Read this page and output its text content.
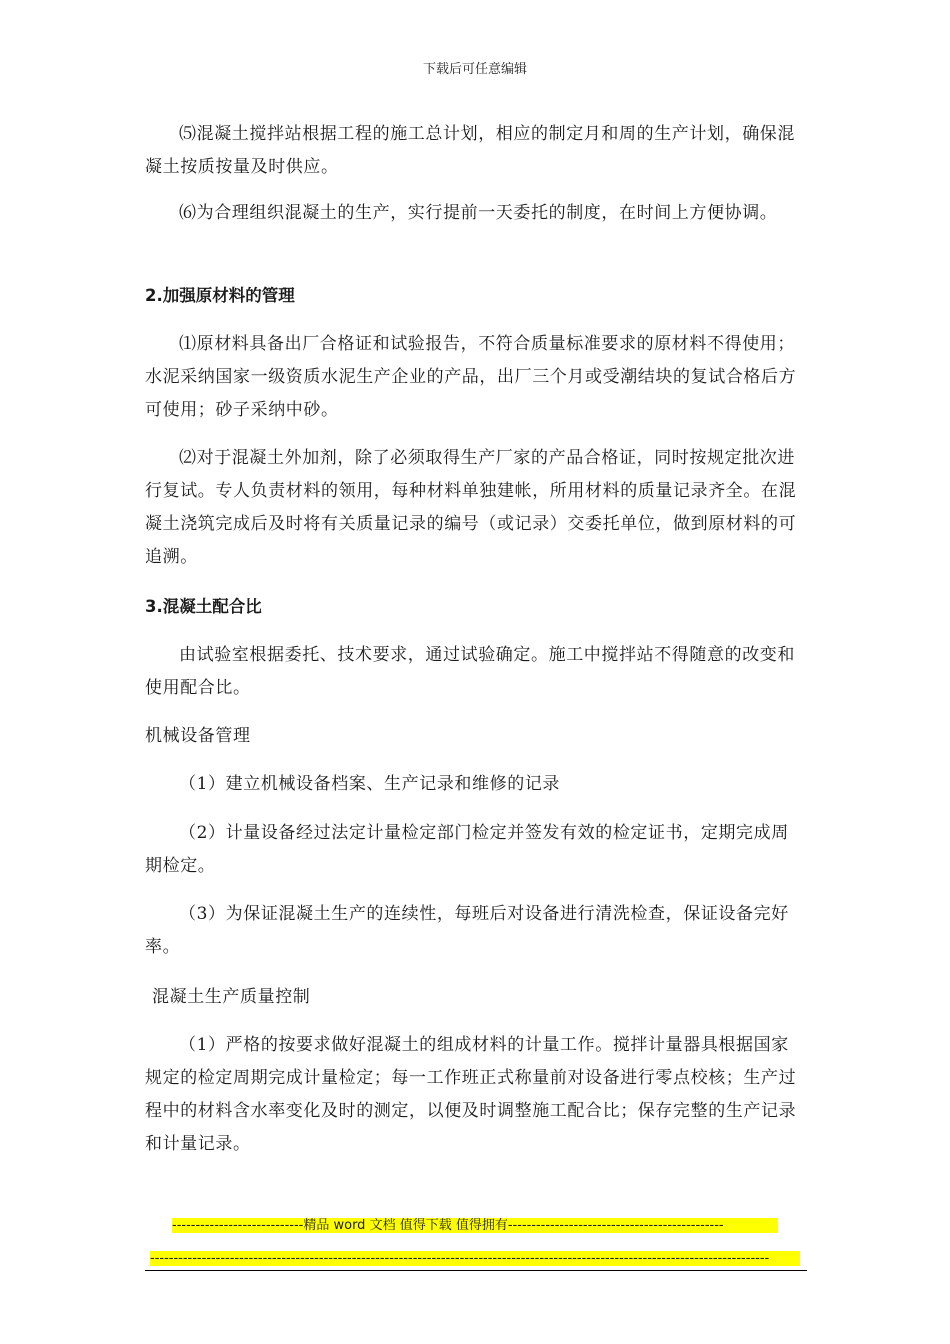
下载后可任意编辑

⑸混凝土搅拌站根据工程的施工总计划，相应的制定月和周的生产计划，确保混凝土按质按量及时供应。

⑹为合理组织混凝土的生产，实行提前一天委托的制度，在时间上方便协调。

2.加强原材料的管理

⑴原材料具备出厂合格证和试验报告，不符合质量标准要求的原材料不得使用；水泥采纳国家一级资质水泥生产企业的产品，出厂三个月或受潮结块的复试合格后方可使用；砂子采纳中砂。

⑵对于混凝土外加剂，除了必须取得生产厂家的产品合格证，同时按规定批次进行复试。专人负责材料的领用，每种材料单独建帐，所用材料的质量记录齐全。在混凝土浇筑完成后及时将有关质量记录的编号（或记录）交委托单位，做到原材料的可追溯。

3.混凝土配合比

由试验室根据委托、技术要求，通过试验确定。施工中搅拌站不得随意的改变和使用配合比。

机械设备管理

（1）建立机械设备档案、生产记录和维修的记录

（2）计量设备经过法定计量检定部门检定并签发有效的检定证书，定期完成周期检定。

（3）为保证混凝土生产的连续性，每班后对设备进行清洗检查，保证设备完好率。

混凝土生产质量控制

（1）严格的按要求做好混凝土的组成材料的计量工作。搅拌计量器具根据国家规定的检定周期完成计量检定；每一工作班正式称量前对设备进行零点校核；生产过程中的材料含水率变化及时的测定，以便及时调整施工配合比；保存完整的生产记录和计量记录。

----------------------------精品 word 文档 值得下载 值得拥有----------------------------------------------
------------------------------------------------------------------------------------------------------------------------------------
